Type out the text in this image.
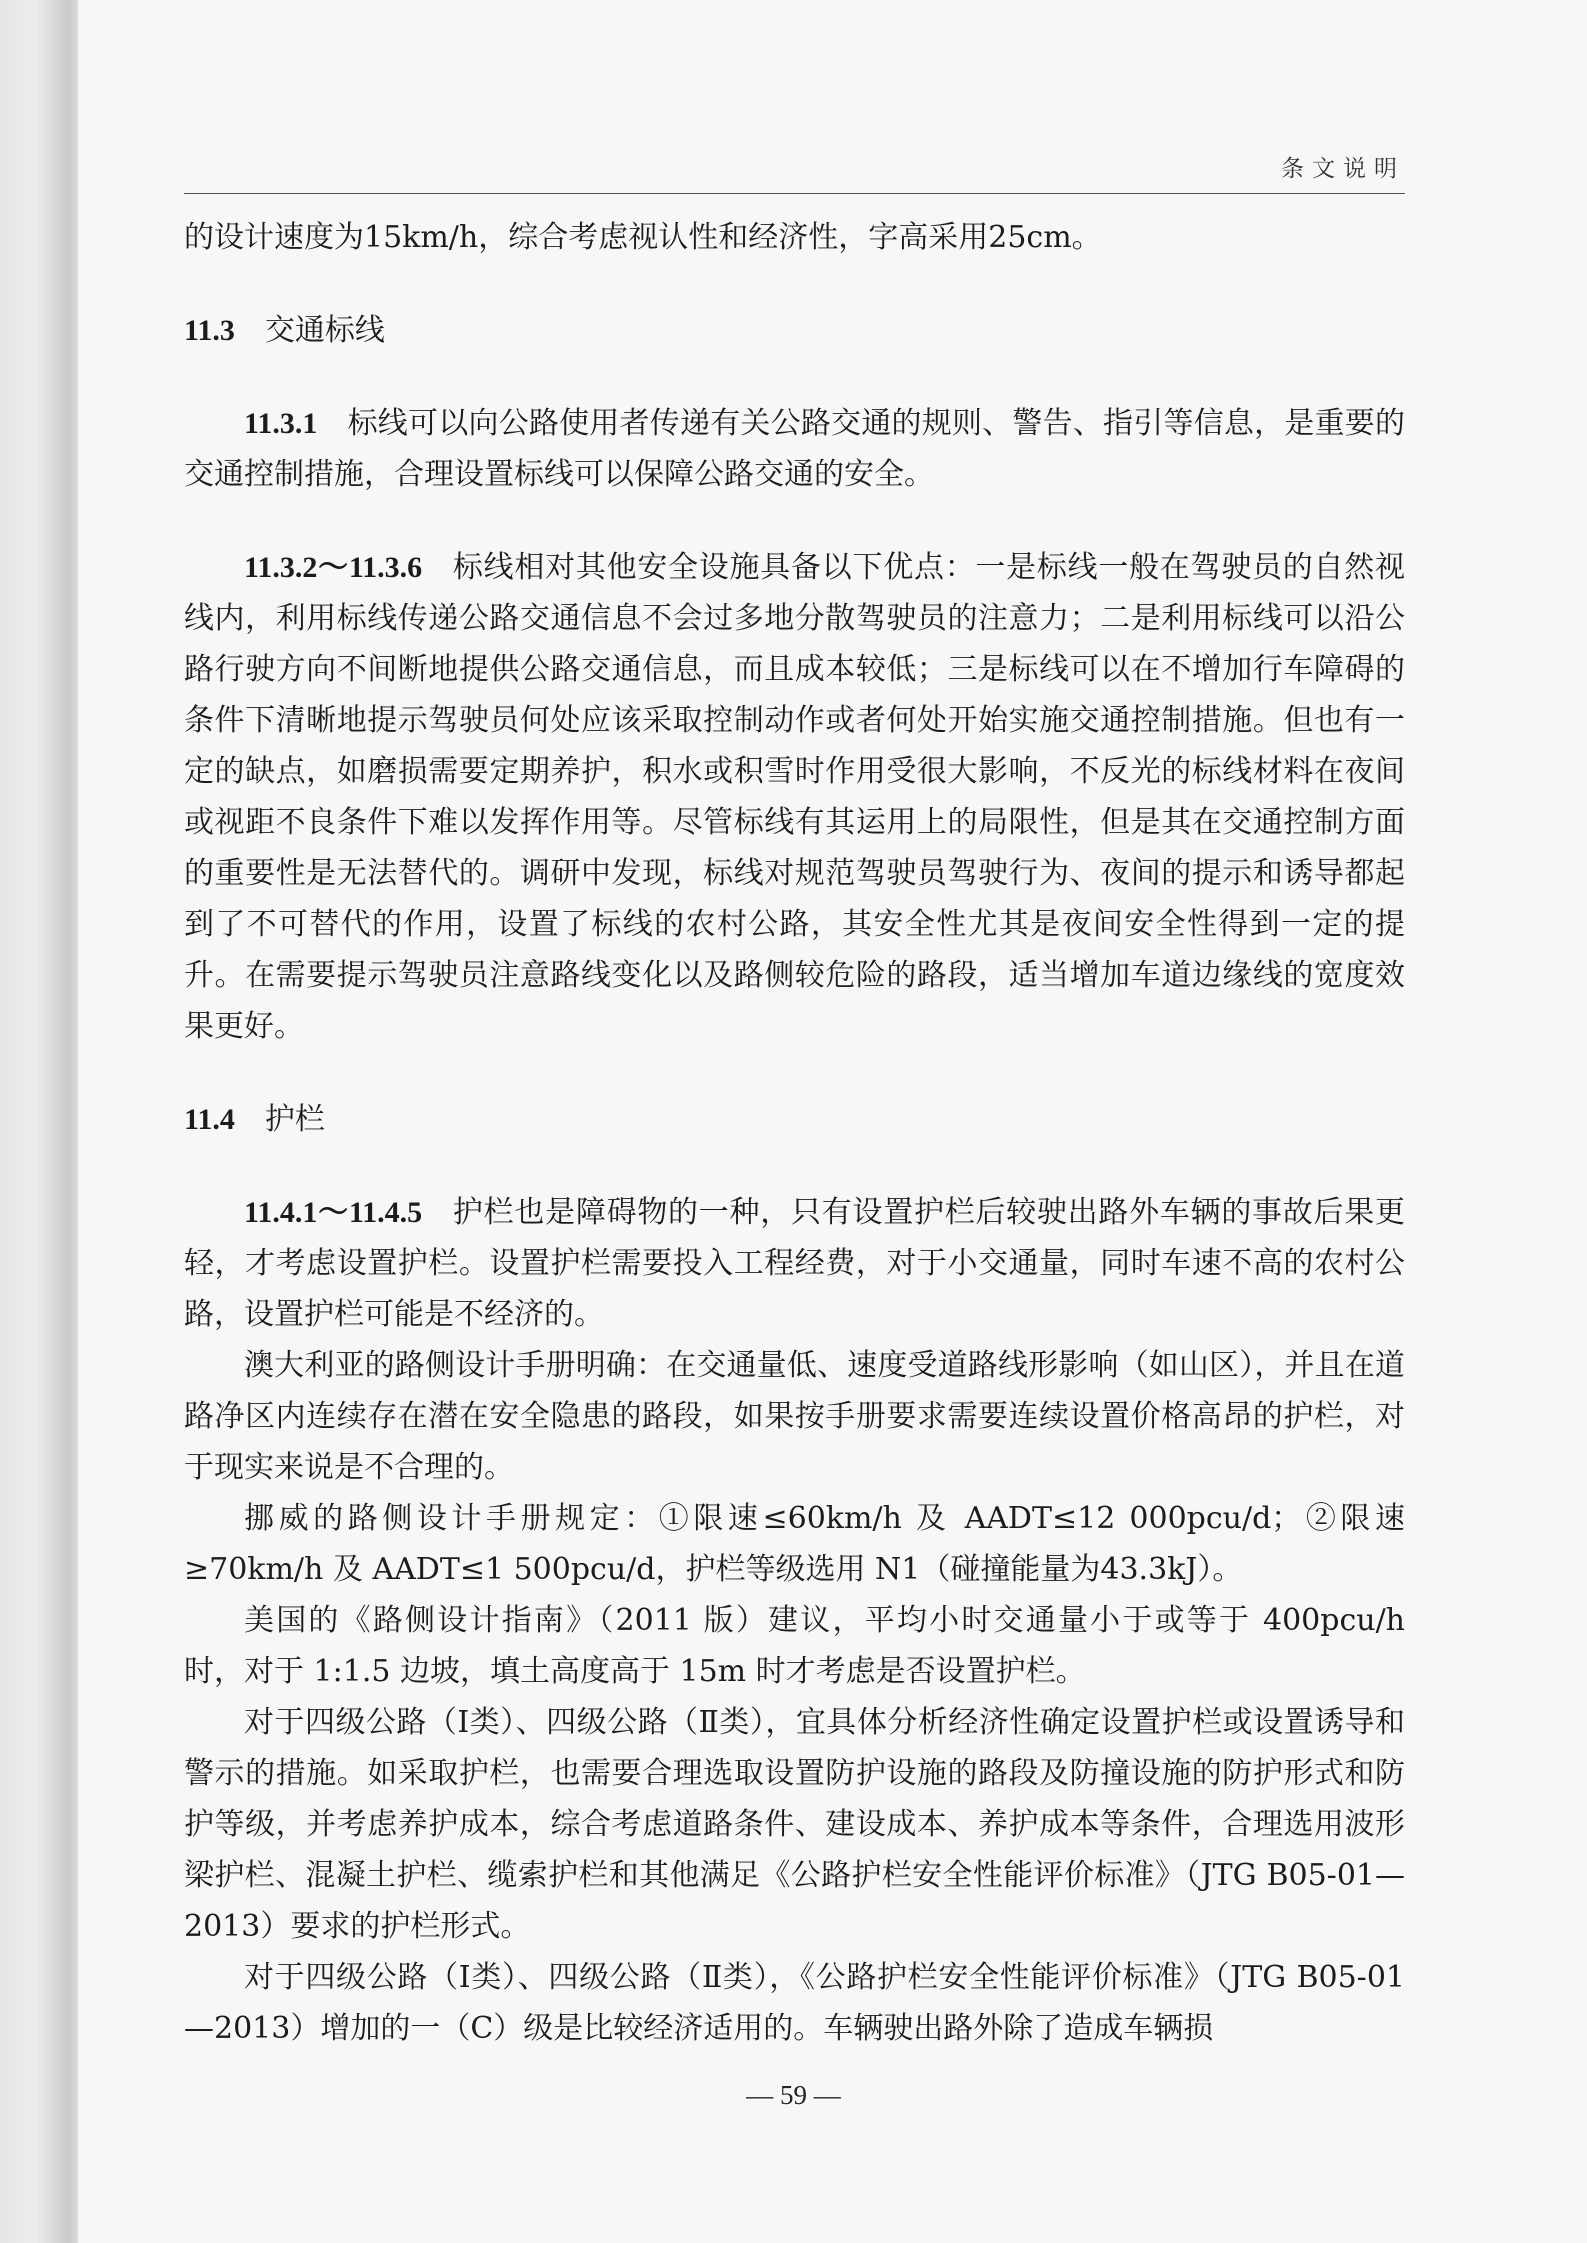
条文说明

的设计速度为15km/h，综合考虑视认性和经济性，字高采用25cm。

11.3 交通标线

11.3.1 标线可以向公路使用者传递有关公路交通的规则、警告、指引等信息，是重要的交通控制措施，合理设置标线可以保障公路交通的安全。

11.3.2～11.3.6 标线相对其他安全设施具备以下优点：一是标线一般在驾驶员的自然视线内，利用标线传递公路交通信息不会过多地分散驾驶员的注意力；二是利用标线可以沿公路行驶方向不间断地提供公路交通信息，而且成本较低；三是标线可以在不增加行车障碍的条件下清晰地提示驾驶员何处应该采取控制动作或者何处开始实施交通控制措施。但也有一定的缺点，如磨损需要定期养护，积水或积雪时作用受很大影响，不反光的标线材料在夜间或视距不良条件下难以发挥作用等。尽管标线有其运用上的局限性，但是其在交通控制方面的重要性是无法替代的。调研中发现，标线对规范驾驶员驾驶行为、夜间的提示和诱导都起到了不可替代的作用，设置了标线的农村公路，其安全性尤其是夜间安全性得到一定的提升。在需要提示驾驶员注意路线变化以及路侧较危险的路段，适当增加车道边缘线的宽度效果更好。

11.4 护栏

11.4.1～11.4.5 护栏也是障碍物的一种，只有设置护栏后较驶出路外车辆的事故后果更轻，才考虑设置护栏。设置护栏需要投入工程经费，对于小交通量，同时车速不高的农村公路，设置护栏可能是不经济的。

澳大利亚的路侧设计手册明确：在交通量低、速度受道路线形影响（如山区），并且在道路净区内连续存在潜在安全隐患的路段，如果按手册要求需要连续设置价格高昂的护栏，对于现实来说是不合理的。

挪威的路侧设计手册规定：①限速≤60km/h 及 AADT≤12 000pcu/d；②限速≥70km/h 及 AADT≤1 500pcu/d，护栏等级选用 N1（碰撞能量为43.3kJ）。

美国的《路侧设计指南》（2011 版）建议，平均小时交通量小于或等于 400pcu/h 时，对于 1:1.5 边坡，填土高度高于 15m 时才考虑是否设置护栏。

对于四级公路（Ⅰ类）、四级公路（Ⅱ类），宜具体分析经济性确定设置护栏或设置诱导和警示的措施。如采取护栏，也需要合理选取设置防护设施的路段及防撞设施的防护形式和防护等级，并考虑养护成本，综合考虑道路条件、建设成本、养护成本等条件，合理选用波形梁护栏、混凝土护栏、缆索护栏和其他满足《公路护栏安全性能评价标准》（JTG B05-01—2013）要求的护栏形式。

对于四级公路（Ⅰ类）、四级公路（Ⅱ类），《公路护栏安全性能评价标准》（JTG B05-01—2013）增加的一（C）级是比较经济适用的。车辆驶出路外除了造成车辆损

— 59 —
